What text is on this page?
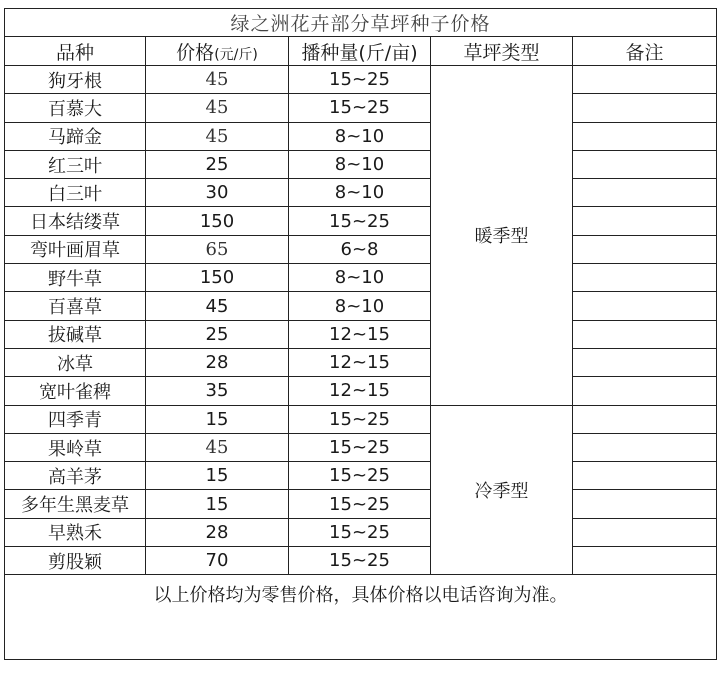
绿之洲花卉部分草坪种子价格				
品种	价格(元/斤)	播种量(斤/亩)	草坪类型	备注
狗牙根	45	15~25	暖季型	
百慕大	45	15~25		
马蹄金	45	8~10		
红三叶	25	8~10		
白三叶	30	8~10		
日本结缕草	150	15~25		
弯叶画眉草	65	6~8		
野牛草	150	8~10		
百喜草	45	8~10		
拔碱草	25	12~15		
冰草	28	12~15		
宽叶雀稗	35	12~15		
四季青	15	15~25	冷季型	
果岭草	45	15~25		
高羊茅	15	15~25		
多年生黑麦草	15	15~25		
早熟禾	28	15~25		
剪股颖	70	15~25		
以上价格均为零售价格，具体价格以电话咨询为准。				
